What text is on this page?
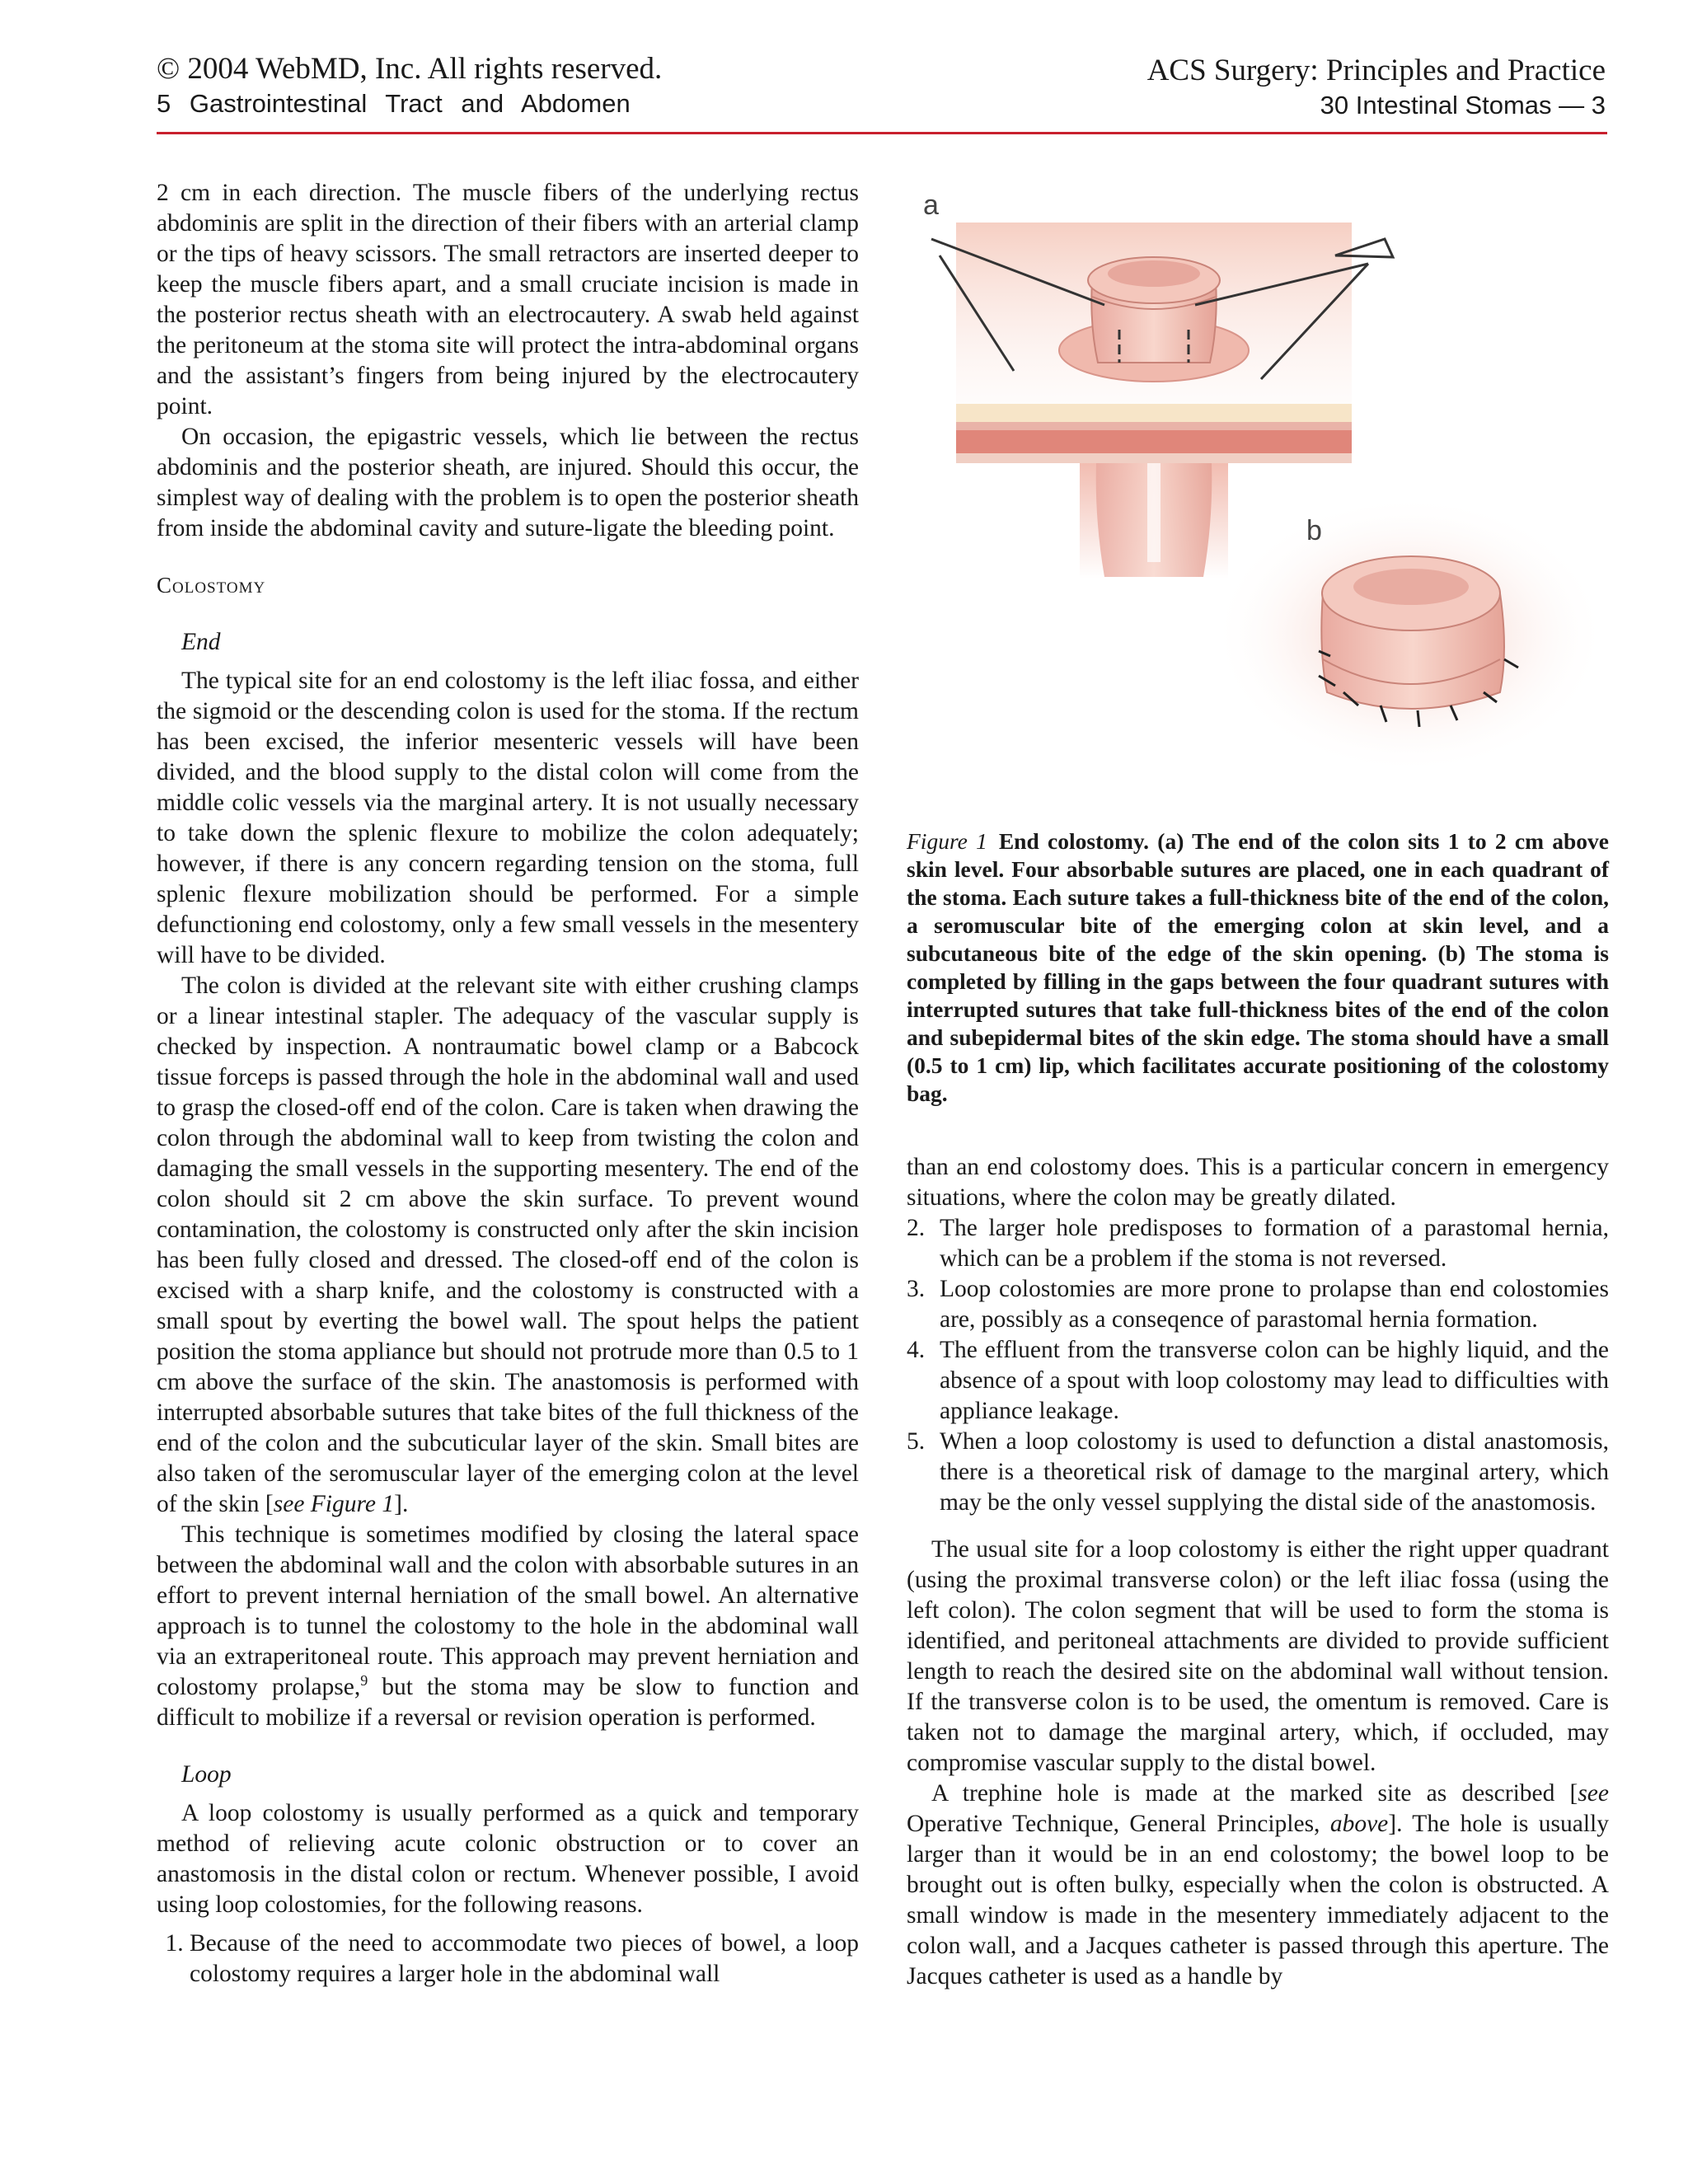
© 2004 WebMD, Inc. All rights reserved.
5 Gastrointestinal Tract and Abdomen
ACS Surgery: Principles and Practice
30 Intestinal Stomas — 3

2 cm in each direction. The muscle fibers of the underlying rectus abdominis are split in the direction of their fibers with an arterial clamp or the tips of heavy scissors. The small retractors are inserted deeper to keep the muscle fibers apart, and a small cruciate incision is made in the posterior rectus sheath with an electrocautery. A swab held against the peritoneum at the stoma site will protect the intra-abdominal organs and the assistant’s fingers from being injured by the electrocautery point.

On occasion, the epigastric vessels, which lie between the rectus abdominis and the posterior sheath, are injured. Should this occur, the simplest way of dealing with the problem is to open the posterior sheath from inside the abdominal cavity and suture-ligate the bleeding point.

Colostomy
End

The typical site for an end colostomy is the left iliac fossa, and either the sigmoid or the descending colon is used for the stoma. If the rectum has been excised, the inferior mesenteric vessels will have been divided, and the blood supply to the distal colon will come from the middle colic vessels via the marginal artery. It is not usually necessary to take down the splenic flexure to mobilize the colon adequately; however, if there is any concern regarding tension on the stoma, full splenic flexure mobilization should be performed. For a simple defunctioning end colostomy, only a few small vessels in the mesentery will have to be divided.

The colon is divided at the relevant site with either crushing clamps or a linear intestinal stapler. The adequacy of the vascular supply is checked by inspection. A nontraumatic bowel clamp or a Babcock tissue forceps is passed through the hole in the abdominal wall and used to grasp the closed-off end of the colon. Care is taken when drawing the colon through the abdominal wall to keep from twisting the colon and damaging the small vessels in the supporting mesentery. The end of the colon should sit 2 cm above the skin surface. To prevent wound contamination, the colostomy is constructed only after the skin incision has been fully closed and dressed. The closed-off end of the colon is excised with a sharp knife, and the colostomy is constructed with a small spout by everting the bowel wall. The spout helps the patient position the stoma appliance but should not protrude more than 0.5 to 1 cm above the surface of the skin. The anastomosis is performed with interrupted absorbable sutures that take bites of the full thickness of the end of the colon and the subcuticular layer of the skin. Small bites are also taken of the seromuscular layer of the emerging colon at the level of the skin [see Figure 1].

This technique is sometimes modified by closing the lateral space between the abdominal wall and the colon with absorbable sutures in an effort to prevent internal herniation of the small bowel. An alternative approach is to tunnel the colostomy to the hole in the abdominal wall via an extraperitoneal route. This approach may prevent herniation and colostomy prolapse,$^9$ but the stoma may be slow to function and difficult to mobilize if a reversal or revision operation is performed.

Loop

A loop colostomy is usually performed as a quick and temporary method of relieving acute colonic obstruction or to cover an anastomosis in the distal colon or rectum. Whenever possible, I avoid using loop colostomies, for the following reasons.

1. Because of the need to accommodate two pieces of bowel, a loop colostomy requires a larger hole in the abdominal wall
a
b
Figure 1 End colostomy. (a) The end of the colon sits 1 to 2 cm above skin level. Four absorbable sutures are placed, one in each quadrant of the stoma. Each suture takes a full-thickness bite of the end of the colon, a seromuscular bite of the emerging colon at skin level, and a subcutaneous bite of the edge of the skin opening. (b) The stoma is completed by filling in the gaps between the four quadrant sutures with interrupted sutures that take full-thickness bites of the end of the colon and subepidermal bites of the skin edge. The stoma should have a small (0.5 to 1 cm) lip, which facilitates accurate positioning of the colostomy bag.

than an end colostomy does. This is a particular concern in emergency situations, where the colon may be greatly dilated.

2. The larger hole predisposes to formation of a parastomal hernia, which can be a problem if the stoma is not reversed.
3. Loop colostomies are more prone to prolapse than end colostomies are, possibly as a conseqence of parastomal hernia formation.
4. The effluent from the transverse colon can be highly liquid, and the absence of a spout with loop colostomy may lead to difficulties with appliance leakage.
5. When a loop colostomy is used to defunction a distal anastomosis, there is a theoretical risk of damage to the marginal artery, which may be the only vessel supplying the distal side of the anastomosis.

The usual site for a loop colostomy is either the right upper quadrant (using the proximal transverse colon) or the left iliac fossa (using the left colon). The colon segment that will be used to form the stoma is identified, and peritoneal attachments are divided to provide sufficient length to reach the desired site on the abdominal wall without tension. If the transverse colon is to be used, the omentum is removed. Care is taken not to damage the marginal artery, which, if occluded, may compromise vascular supply to the distal bowel.

A trephine hole is made at the marked site as described [see Operative Technique, General Principles, above]. The hole is usually larger than it would be in an end colostomy; the bowel loop to be brought out is often bulky, especially when the colon is obstructed. A small window is made in the mesentery immediately adjacent to the colon wall, and a Jacques catheter is passed through this aperture. The Jacques catheter is used as a handle by
